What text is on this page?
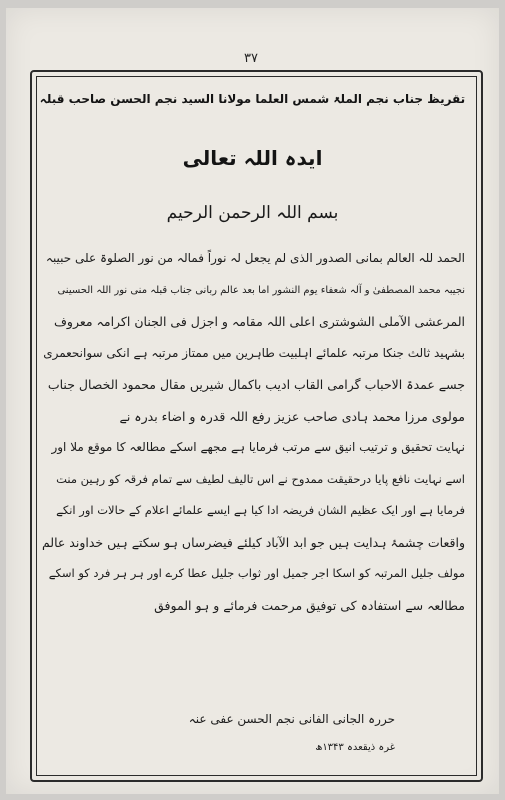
۳۷
تقریظ جناب نجم الملۃ شمس العلما مولانا السید نجم الحسن صاحب قبلہ
ایدہ اللہ تعالی
بسم اللہ الرحمن الرحیم
الحمد للہ العالم بمانی الصدور الذی لم یجعل لہ نوراً فمالہ من نور الصلوۃ علی حبیبہ
نجیبہ محمد المصطفیٰ و آلہ شعفاء یوم النشور اما بعد عالم ربانی جناب قبلہ منی نور اللہ الحسینی
المرعشی الآملی الشوشتری اعلی اللہ مقامہ و اجزل فی الجنان اکرامہ معروف
بشہید ثالث جنکا مرتبہ علمائے اہلبیت طاہرین میں ممتاز مرتبہ ہے انکی سوانحعمری
جسے عمدۃ الاحباب گرامی القاب ادیب باکمال شیریں مقال محمود الخصال جناب
مولوی مرزا محمد ہادی صاحب عزیز رفع اللہ قدرہ و اضاء بدرہ نے
نہایت تحقیق و ترتیب انیق سے مرتب فرمایا ہے مجھے اسکے مطالعہ کا موقع ملا اور
اسے نہایت نافع پایا درحقیقت ممدوح نے اس تالیف لطیف سے تمام فرقہ کو رہین منت
فرمایا ہے اور ایک عظیم الشان فریضہ ادا کیا ہے ایسے علمائے اعلام کے حالات اور انکے
واقعات چشمۂ ہدایت ہیں جو ابد الآباد کیلئے فیضرساں ہو سکتے ہیں خداوند عالم
مولف جلیل المرتبہ کو اسکا اجر جمیل اور ثواب جلیل عطا کرے اور ہر ہر فرد کو اسکے
مطالعہ سے استفادہ کی توفیق مرحمت فرمائے و ہو الموفق
حررہ الجانی الفانی نجم الحسن عفی عنہ
غرہ ذیقعدہ ۱۳۴۳ھ
